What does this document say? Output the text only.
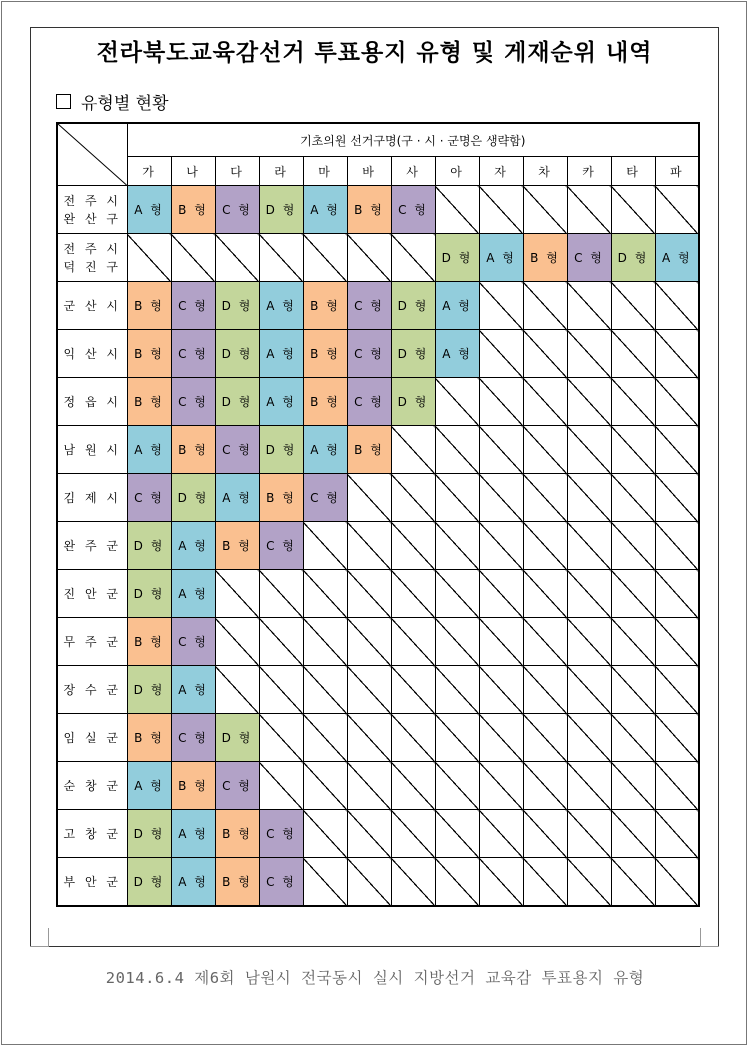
전라북도교육감선거 투표용지 유형 및 게재순위 내역
유형별 현황
	기초의원 선거구명(구 · 시 · 군명은 생략함)												
	가	나	다	라	마	바	사	아	자	차	카	타	파

전 주 시
완 산 구	A 형	B 형	C 형	D 형	A 형	B 형	C 형						

전 주 시
덕 진 구								D 형	A 형	B 형	C 형	D 형	A 형

군 산 시	B 형	C 형	D 형	A 형	B 형	C 형	D 형	A 형					

익 산 시	B 형	C 형	D 형	A 형	B 형	C 형	D 형	A 형					

정 읍 시	B 형	C 형	D 형	A 형	B 형	C 형	D 형						

남 원 시	A 형	B 형	C 형	D 형	A 형	B 형							

김 제 시	C 형	D 형	A 형	B 형	C 형								

완 주 군	D 형	A 형	B 형	C 형									

진 안 군	D 형	A 형											

무 주 군	B 형	C 형											

장 수 군	D 형	A 형											

임 실 군	B 형	C 형	D 형										

순 창 군	A 형	B 형	C 형										

고 창 군	D 형	A 형	B 형	C 형									

부 안 군	D 형	A 형	B 형	C 형									
2014.6.4 제6회 남원시 전국동시 실시 지방선거 교육감 투표용지 유형
